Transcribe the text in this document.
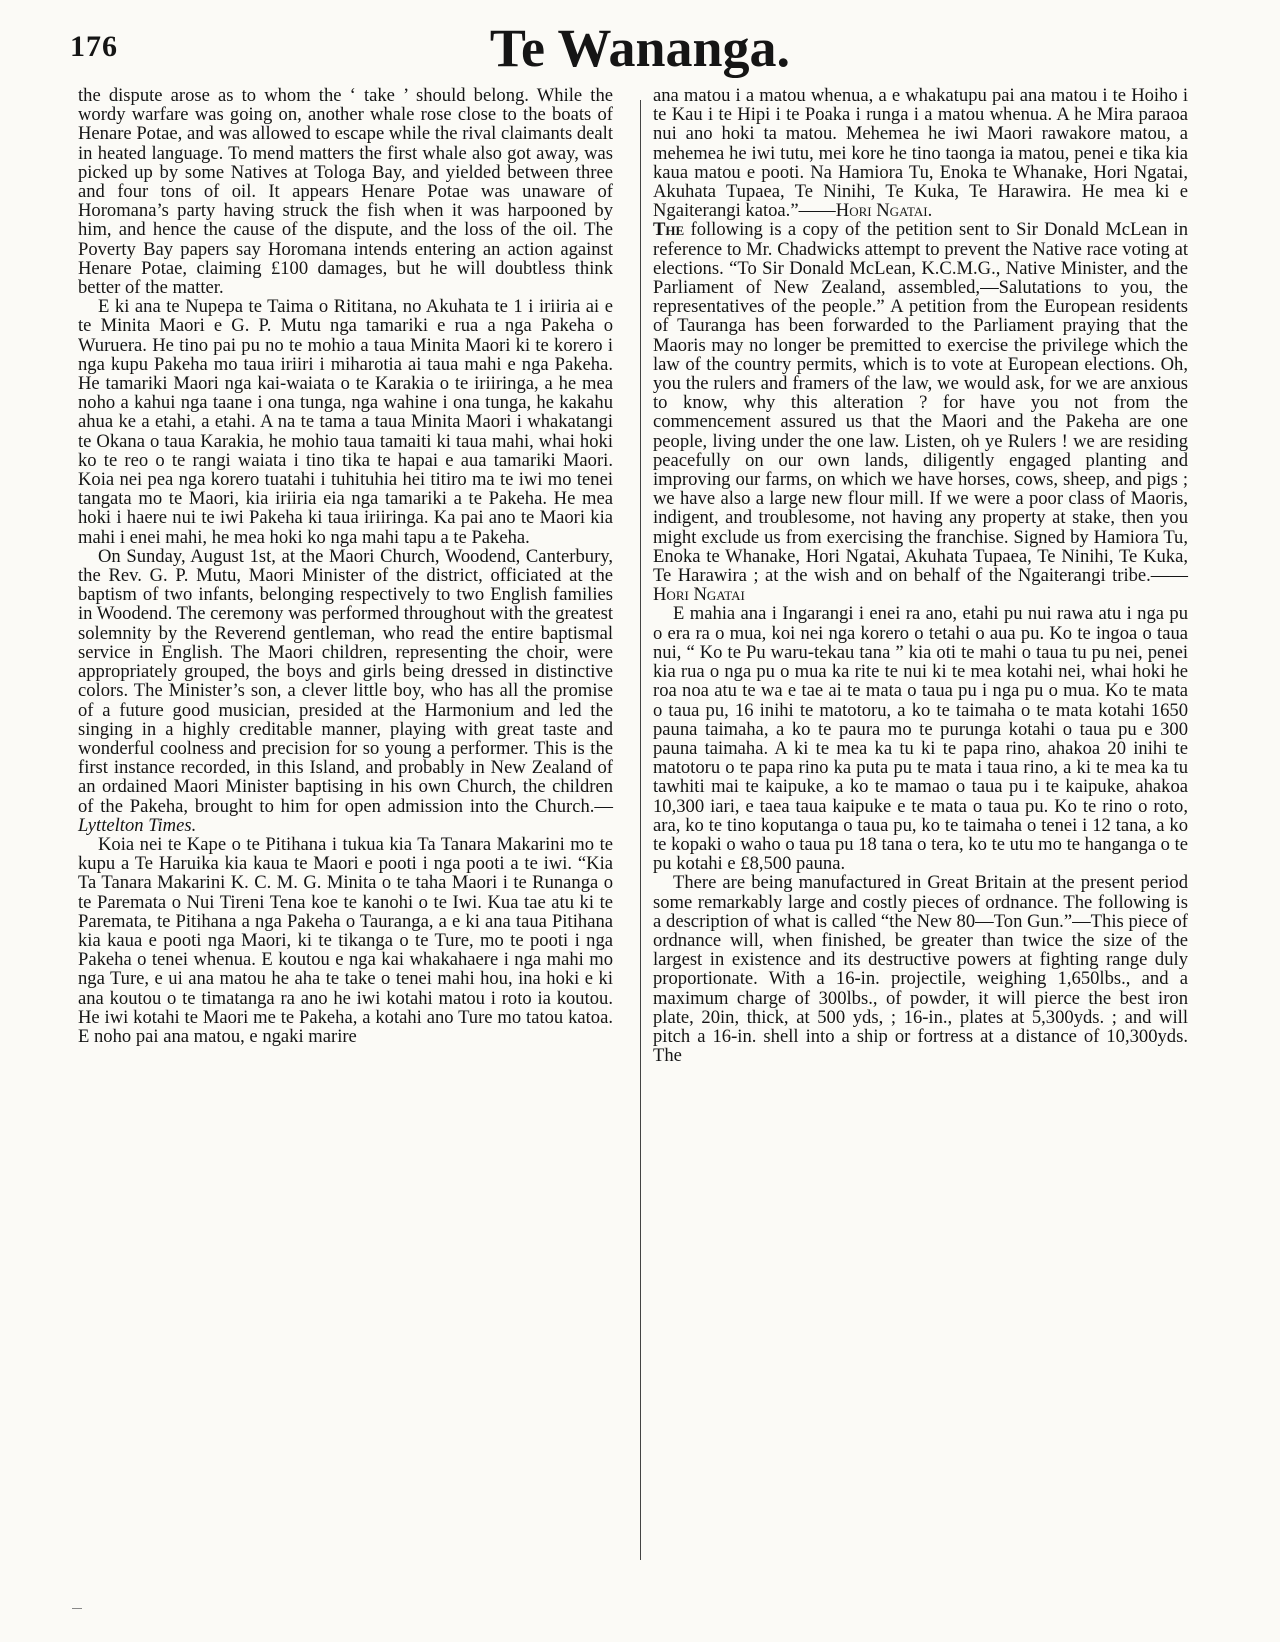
176	Te Wananga.

the dispute arose as to whom the ‘ take ’ should belong. While the wordy warfare was going on, another whale rose close to the boats of Henare Potae, and was allowed to escape while the rival claimants dealt in heated language. To mend matters the first whale also got away, was picked up by some Natives at Tologa Bay, and yielded between three and four tons of oil. It appears Henare Potae was unaware of Horomana’s party having struck the fish when it was harpooned by him, and hence the cause of the dispute, and the loss of the oil. The Poverty Bay papers say Horomana intends entering an action against Henare Potae, claiming £100 damages, but he will doubtless think better of the matter.

E ki ana te Nupepa te Taima o Rititana, no Akuhata te 1 i iriiria ai e te Minita Maori e G. P. Mutu nga tamariki e rua a nga Pakeha o Wuruera. He tino pai pu no te mohio a taua Minita Maori ki te korero i nga kupu Pakeha mo taua iriiri i miharotia ai taua mahi e nga Pakeha. He tamariki Maori nga kai-waiata o te Karakia o te iriiringa, a he mea noho a kahui nga taane i ona tunga, nga wahine i ona tunga, he kakahu ahua ke a etahi, a etahi. A na te tama a taua Minita Maori i whakatangi te Okana o taua Karakia, he mohio taua tamaiti ki taua mahi, whai hoki ko te reo o te rangi waiata i tino tika te hapai e aua tamariki Maori. Koia nei pea nga korero tuatahi i tuhituhia hei titiro ma te iwi mo tenei tangata mo te Maori, kia iriiria eia nga tamariki a te Pakeha. He mea hoki i haere nui te iwi Pakeha ki taua iriiringa. Ka pai ano te Maori kia mahi i enei mahi, he mea hoki ko nga mahi tapu a te Pakeha.

On Sunday, August 1st, at the Maori Church, Woodend, Canterbury, the Rev. G. P. Mutu, Maori Minister of the district, officiated at the baptism of two infants, belonging respectively to two English families in Woodend. The ceremony was performed throughout with the greatest solemnity by the Reverend gentleman, who read the entire baptismal service in English. The Maori children, representing the choir, were appropriately grouped, the boys and girls being dressed in distinctive colors. The Minister’s son, a clever little boy, who has all the promise of a future good musician, presided at the Harmonium and led the singing in a highly creditable manner, playing with great taste and wonderful coolness and precision for so young a performer. This is the first instance recorded, in this Island, and probably in New Zealand of an ordained Maori Minister baptising in his own Church, the children of the Pakeha, brought to him for open admission into the Church.—Lyttelton Times.

Koia nei te Kape o te Pitihana i tukua kia Ta Tanara Makarini mo te kupu a Te Haruika kia kaua te Maori e pooti i nga pooti a te iwi. “Kia Ta Tanara Makarini K. C. M. G. Minita o te taha Maori i te Runanga o te Paremata o Nui Tireni Tena koe te kanohi o te Iwi. Kua tae atu ki te Paremata, te Pitihana a nga Pakeha o Tauranga, a e ki ana taua Pitihana kia kaua e pooti nga Maori, ki te tikanga o te Ture, mo te pooti i nga Pakeha o tenei whenua. E koutou e nga kai whakahaere i nga mahi mo nga Ture, e ui ana matou he aha te take o tenei mahi hou, ina hoki e ki ana koutou o te timatanga ra ano he iwi kotahi matou i roto ia koutou. He iwi kotahi te Maori me te Pakeha, a kotahi ano Ture mo tatou katoa. E noho pai ana matou, e ngaki marire

ana matou i a matou whenua, a e whakatupu pai ana matou i te Hoiho i te Kau i te Hipi i te Poaka i runga i a matou whenua. A he Mira paraoa nui ano hoki ta matou. Mehemea he iwi Maori rawakore matou, a mehemea he iwi tutu, mei kore he tino taonga ia matou, penei e tika kia kaua matou e pooti. Na Hamiora Tu, Enoka te Whanake, Hori Ngatai, Akuhata Tupaea, Te Ninihi, Te Kuka, Te Harawira. He mea ki e Ngaiterangi katoa.”——Hori Ngatai.

The following is a copy of the petition sent to Sir Donald McLean in reference to Mr. Chadwicks attempt to prevent the Native race voting at elections. “To Sir Donald McLean, K.C.M.G., Native Minister, and the Parliament of New Zealand, assembled,—Salutations to you, the representatives of the people.” A petition from the European residents of Tauranga has been forwarded to the Parliament praying that the Maoris may no longer be premitted to exercise the privilege which the law of the country permits, which is to vote at European elections. Oh, you the rulers and framers of the law, we would ask, for we are anxious to know, why this alteration ? for have you not from the commencement assured us that the Maori and the Pakeha are one people, living under the one law. Listen, oh ye Rulers ! we are residing peacefully on our own lands, diligently engaged planting and improving our farms, on which we have horses, cows, sheep, and pigs ; we have also a large new flour mill. If we were a poor class of Maoris, indigent, and troublesome, not having any property at stake, then you might exclude us from exercising the franchise. Signed by Hamiora Tu, Enoka te Whanake, Hori Ngatai, Akuhata Tupaea, Te Ninihi, Te Kuka, Te Harawira ; at the wish and on behalf of the Ngaiterangi tribe.——Hori Ngatai

E mahia ana i Ingarangi i enei ra ano, etahi pu nui rawa atu i nga pu o era ra o mua, koi nei nga korero o tetahi o aua pu. Ko te ingoa o taua nui, “ Ko te Pu waru-tekau tana ” kia oti te mahi o taua tu pu nei, penei kia rua o nga pu o mua ka rite te nui ki te mea kotahi nei, whai hoki he roa noa atu te wa e tae ai te mata o taua pu i nga pu o mua. Ko te mata o taua pu, 16 inihi te matotoru, a ko te taimaha o te mata kotahi 1650 pauna taimaha, a ko te paura mo te purunga kotahi o taua pu e 300 pauna taimaha. A ki te mea ka tu ki te papa rino, ahakoa 20 inihi te matotoru o te papa rino ka puta pu te mata i taua rino, a ki te mea ka tu tawhiti mai te kaipuke, a ko te mamao o taua pu i te kaipuke, ahakoa 10,300 iari, e taea taua kaipuke e te mata o taua pu. Ko te rino o roto, ara, ko te tino koputanga o taua pu, ko te taimaha o tenei i 12 tana, a ko te kopaki o waho o taua pu 18 tana o tera, ko te utu mo te hanganga o te pu kotahi e £8,500 pauna.

There are being manufactured in Great Britain at the present period some remarkably large and costly pieces of ordnance. The following is a description of what is called “the New 80—Ton Gun.”—This piece of ordnance will, when finished, be greater than twice the size of the largest in existence and its destructive powers at fighting range duly proportionate. With a 16-in. projectile, weighing 1,650lbs., and a maximum charge of 300lbs., of powder, it will pierce the best iron plate, 20in, thick, at 500 yds, ; 16-in., plates at 5,300yds. ; and will pitch a 16-in. shell into a ship or fortress at a distance of 10,300yds. The
